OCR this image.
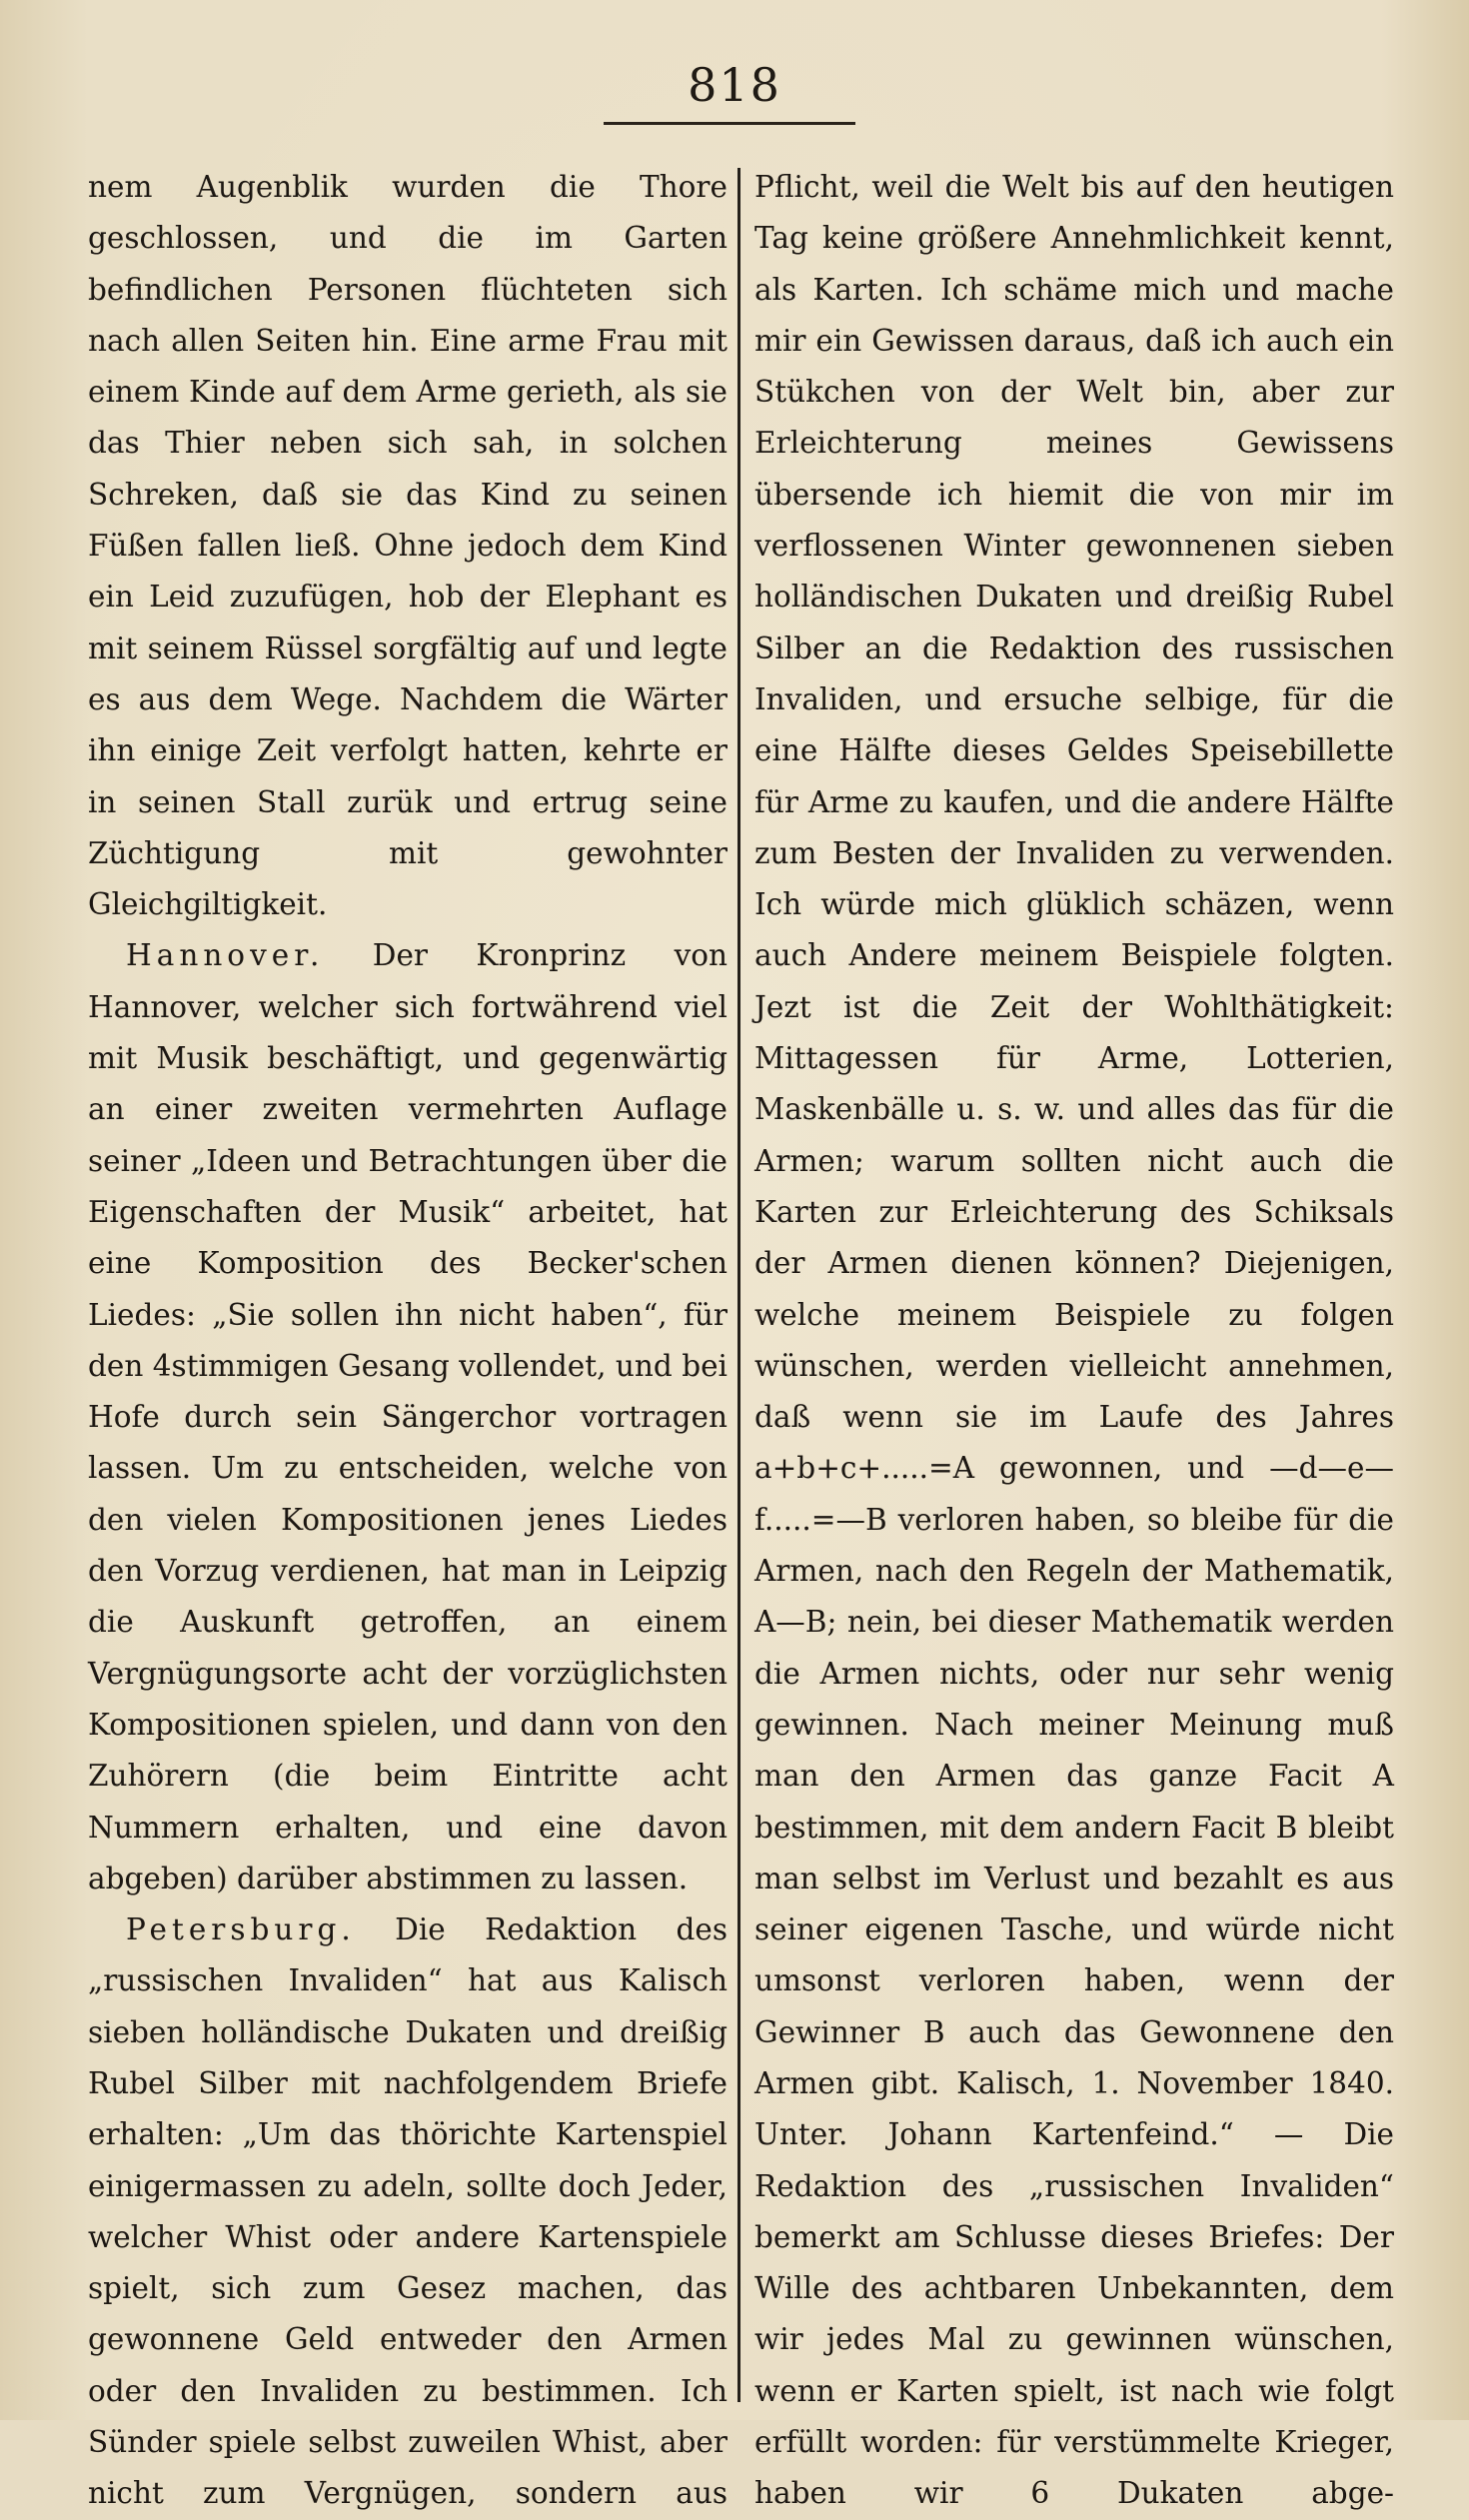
818

nem Augenblik wurden die Thore geschlossen, und die im Garten befindlichen Personen flüchteten sich nach allen Seiten hin. Eine arme Frau mit einem Kinde auf dem Arme gerieth, als sie das Thier neben sich sah, in solchen Schreken, daß sie das Kind zu seinen Füßen fallen ließ. Ohne jedoch dem Kind ein Leid zuzufügen, hob der Elephant es mit seinem Rüssel sorgfältig auf und legte es aus dem Wege. Nachdem die Wärter ihn einige Zeit verfolgt hatten, kehrte er in seinen Stall zurük und ertrug seine Züchtigung mit gewohnter Gleichgiltigkeit.

Hannover. Der Kronprinz von Hannover, welcher sich fortwährend viel mit Musik beschäftigt, und gegenwärtig an einer zweiten vermehrten Auflage seiner „Ideen und Betrachtungen über die Eigenschaften der Musik“ arbeitet, hat eine Komposition des Becker'schen Liedes: „Sie sollen ihn nicht haben“, für den 4stimmigen Gesang vollendet, und bei Hofe durch sein Sängerchor vortragen lassen. Um zu entscheiden, welche von den vielen Kompositionen jenes Liedes den Vorzug verdienen, hat man in Leipzig die Auskunft getroffen, an einem Vergnügungsorte acht der vorzüglichsten Kompositionen spielen, und dann von den Zuhörern (die beim Eintritte acht Nummern erhalten, und eine davon abgeben) darüber abstimmen zu lassen.

Petersburg. Die Redaktion des „russischen Invaliden“ hat aus Kalisch sieben holländische Dukaten und dreißig Rubel Silber mit nachfolgendem Briefe erhalten: „Um das thörichte Kartenspiel einigermassen zu adeln, sollte doch Jeder, welcher Whist oder andere Kartenspiele spielt, sich zum Gesez machen, das gewonnene Geld entweder den Armen oder den Invaliden zu bestimmen. Ich Sünder spiele selbst zuweilen Whist, aber nicht zum Vergnügen, sondern aus

Pflicht, weil die Welt bis auf den heutigen Tag keine größere Annehmlichkeit kennt, als Karten. Ich schäme mich und mache mir ein Gewissen daraus, daß ich auch ein Stükchen von der Welt bin, aber zur Erleichterung meines Gewissens übersende ich hiemit die von mir im verflossenen Winter gewonnenen sieben holländischen Dukaten und dreißig Rubel Silber an die Redaktion des russischen Invaliden, und ersuche selbige, für die eine Hälfte dieses Geldes Speisebillette für Arme zu kaufen, und die andere Hälfte zum Besten der Invaliden zu verwenden. Ich würde mich glüklich schäzen, wenn auch Andere meinem Beispiele folgten. Jezt ist die Zeit der Wohlthätigkeit: Mittagessen für Arme, Lotterien, Maskenbälle u. s. w. und alles das für die Armen; warum sollten nicht auch die Karten zur Erleichterung des Schiksals der Armen dienen können? Diejenigen, welche meinem Beispiele zu folgen wünschen, werden vielleicht annehmen, daß wenn sie im Laufe des Jahres a+b+c+.....=A gewonnen, und —d—e—f.....=—B verloren haben, so bleibe für die Armen, nach den Regeln der Mathematik, A—B; nein, bei dieser Mathematik werden die Armen nichts, oder nur sehr wenig gewinnen. Nach meiner Meinung muß man den Armen das ganze Facit A bestimmen, mit dem andern Facit B bleibt man selbst im Verlust und bezahlt es aus seiner eigenen Tasche, und würde nicht umsonst verloren haben, wenn der Gewinner B auch das Gewonnene den Armen gibt. Kalisch, 1. November 1840. Unter. Johann Kartenfeind.“ — Die Redaktion des „russischen Invaliden“ bemerkt am Schlusse dieses Briefes: Der Wille des achtbaren Unbekannten, dem wir jedes Mal zu gewinnen wünschen, wenn er Karten spielt, ist nach wie folgt erfüllt worden: für verstümmelte Krieger, haben wir 6 Dukaten abge-
